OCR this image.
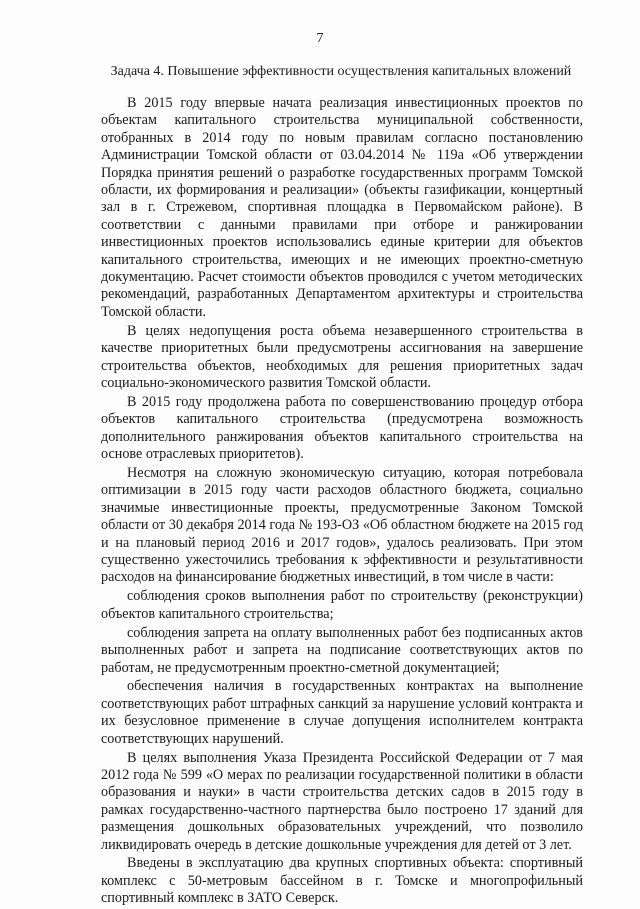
7
Задача 4. Повышение эффективности осуществления капитальных вложений

В 2015 году впервые начата реализация инвестиционных проектов по объектам капитального строительства муниципальной собственности, отобранных в 2014 году по новым правилам согласно постановлению Администрации Томской области от 03.04.2014 № 119а «Об утверждении Порядка принятия решений о разработке государственных программ Томской области, их формирования и реализации» (объекты газификации, концертный зал в г. Стрежевом, спортивная площадка в Первомайском районе). В соответствии с данными правилами при отборе и ранжировании инвестиционных проектов использовались единые критерии для объектов капитального строительства, имеющих и не имеющих проектно-сметную документацию. Расчет стоимости объектов проводился с учетом методических рекомендаций, разработанных Департаментом архитектуры и строительства Томской области.

В целях недопущения роста объема незавершенного строительства в качестве приоритетных были предусмотрены ассигнования на завершение строительства объектов, необходимых для решения приоритетных задач социально-экономического развития Томской области.

В 2015 году продолжена работа по совершенствованию процедур отбора объектов капитального строительства (предусмотрена возможность дополнительного ранжирования объектов капитального строительства на основе отраслевых приоритетов).

Несмотря на сложную экономическую ситуацию, которая потребовала оптимизации в 2015 году части расходов областного бюджета, социально значимые инвестиционные проекты, предусмотренные Законом Томской области от 30 декабря 2014 года № 193-ОЗ «Об областном бюджете на 2015 год и на плановый период 2016 и 2017 годов», удалось реализовать. При этом существенно ужесточились требования к эффективности и результативности расходов на финансирование бюджетных инвестиций, в том числе в части:

соблюдения сроков выполнения работ по строительству (реконструкции) объектов капитального строительства;

соблюдения запрета на оплату выполненных работ без подписанных актов выполненных работ и запрета на подписание соответствующих актов по работам, не предусмотренным проектно-сметной документацией;

обеспечения наличия в государственных контрактах на выполнение соответствующих работ штрафных санкций за нарушение условий контракта и их безусловное применение в случае допущения исполнителем контракта соответствующих нарушений.

В целях выполнения Указа Президента Российской Федерации от 7 мая 2012 года № 599 «О мерах по реализации государственной политики в области образования и науки» в части строительства детских садов в 2015 году в рамках государственно-частного партнерства было построено 17 зданий для размещения дошкольных образовательных учреждений, что позволило ликвидировать очередь в детские дошкольные учреждения для детей от 3 лет.

Введены в эксплуатацию два крупных спортивных объекта: спортивный комплекс с 50-метровым бассейном в г. Томске и многопрофильный спортивный комплекс в ЗАТО Северск.
